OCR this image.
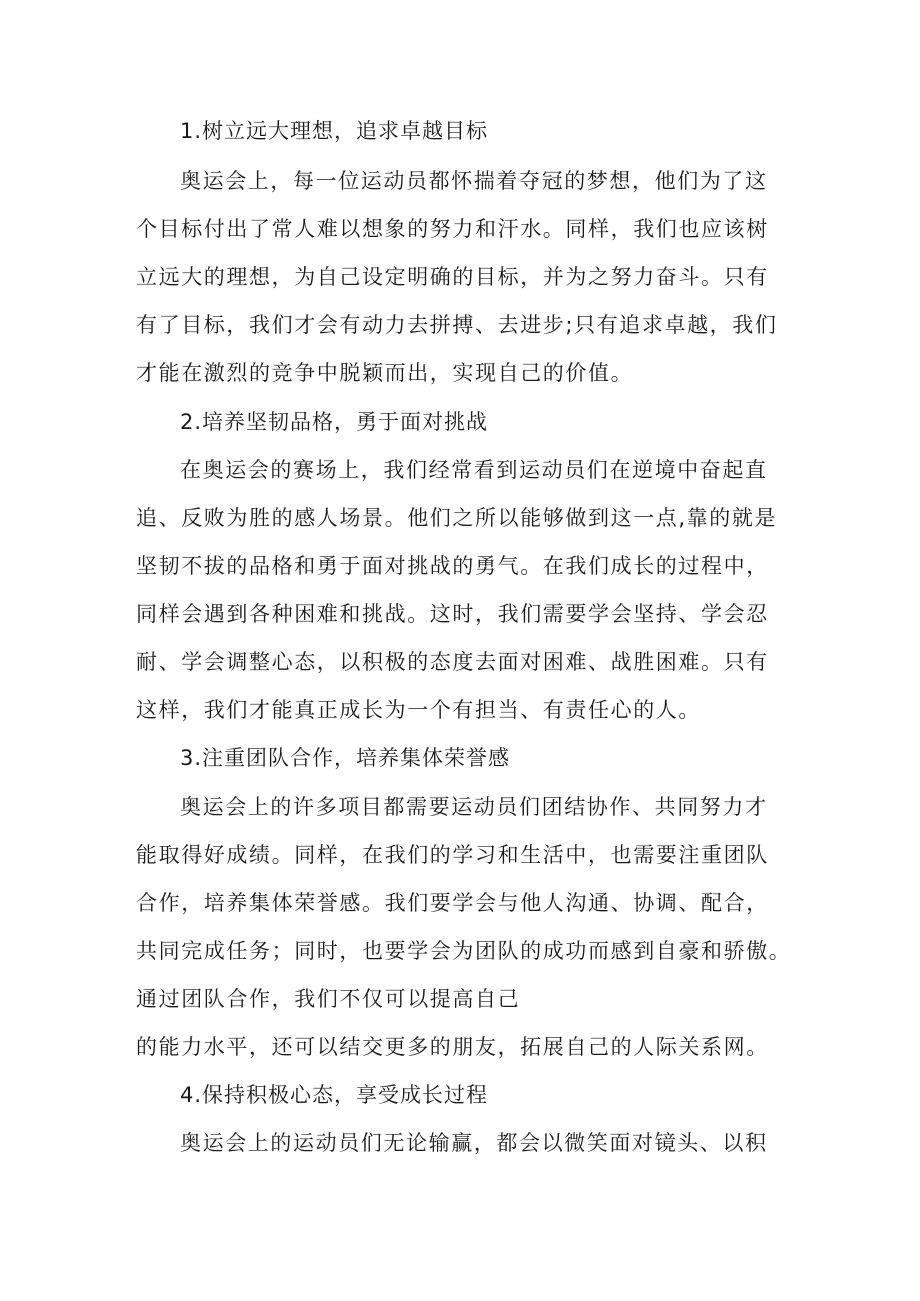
1.树立远大理想，追求卓越目标
奥运会上，每一位运动员都怀揣着夺冠的梦想，他们为了这
个目标付出了常人难以想象的努力和汗水。同样，我们也应该树
立远大的理想，为自己设定明确的目标，并为之努力奋斗。只有
有了目标，我们才会有动力去拼搏、去进步;只有追求卓越，我们
才能在激烈的竞争中脱颖而出，实现自己的价值。
2.培养坚韧品格，勇于面对挑战
在奥运会的赛场上，我们经常看到运动员们在逆境中奋起直
追、反败为胜的感人场景。他们之所以能够做到这一点,靠的就是
坚韧不拔的品格和勇于面对挑战的勇气。在我们成长的过程中，
同样会遇到各种困难和挑战。这时，我们需要学会坚持、学会忍
耐、学会调整心态，以积极的态度去面对困难、战胜困难。只有
这样，我们才能真正成长为一个有担当、有责任心的人。
3.注重团队合作，培养集体荣誉感
奥运会上的许多项目都需要运动员们团结协作、共同努力才
能取得好成绩。同样，在我们的学习和生活中，也需要注重团队
合作，培养集体荣誉感。我们要学会与他人沟通、协调、配合，
共同完成任务；同时，也要学会为团队的成功而感到自豪和骄傲。
通过团队合作，我们不仅可以提高自己
的能力水平，还可以结交更多的朋友，拓展自己的人际关系网。
4.保持积极心态，享受成长过程
奥运会上的运动员们无论输赢，都会以微笑面对镜头、以积
